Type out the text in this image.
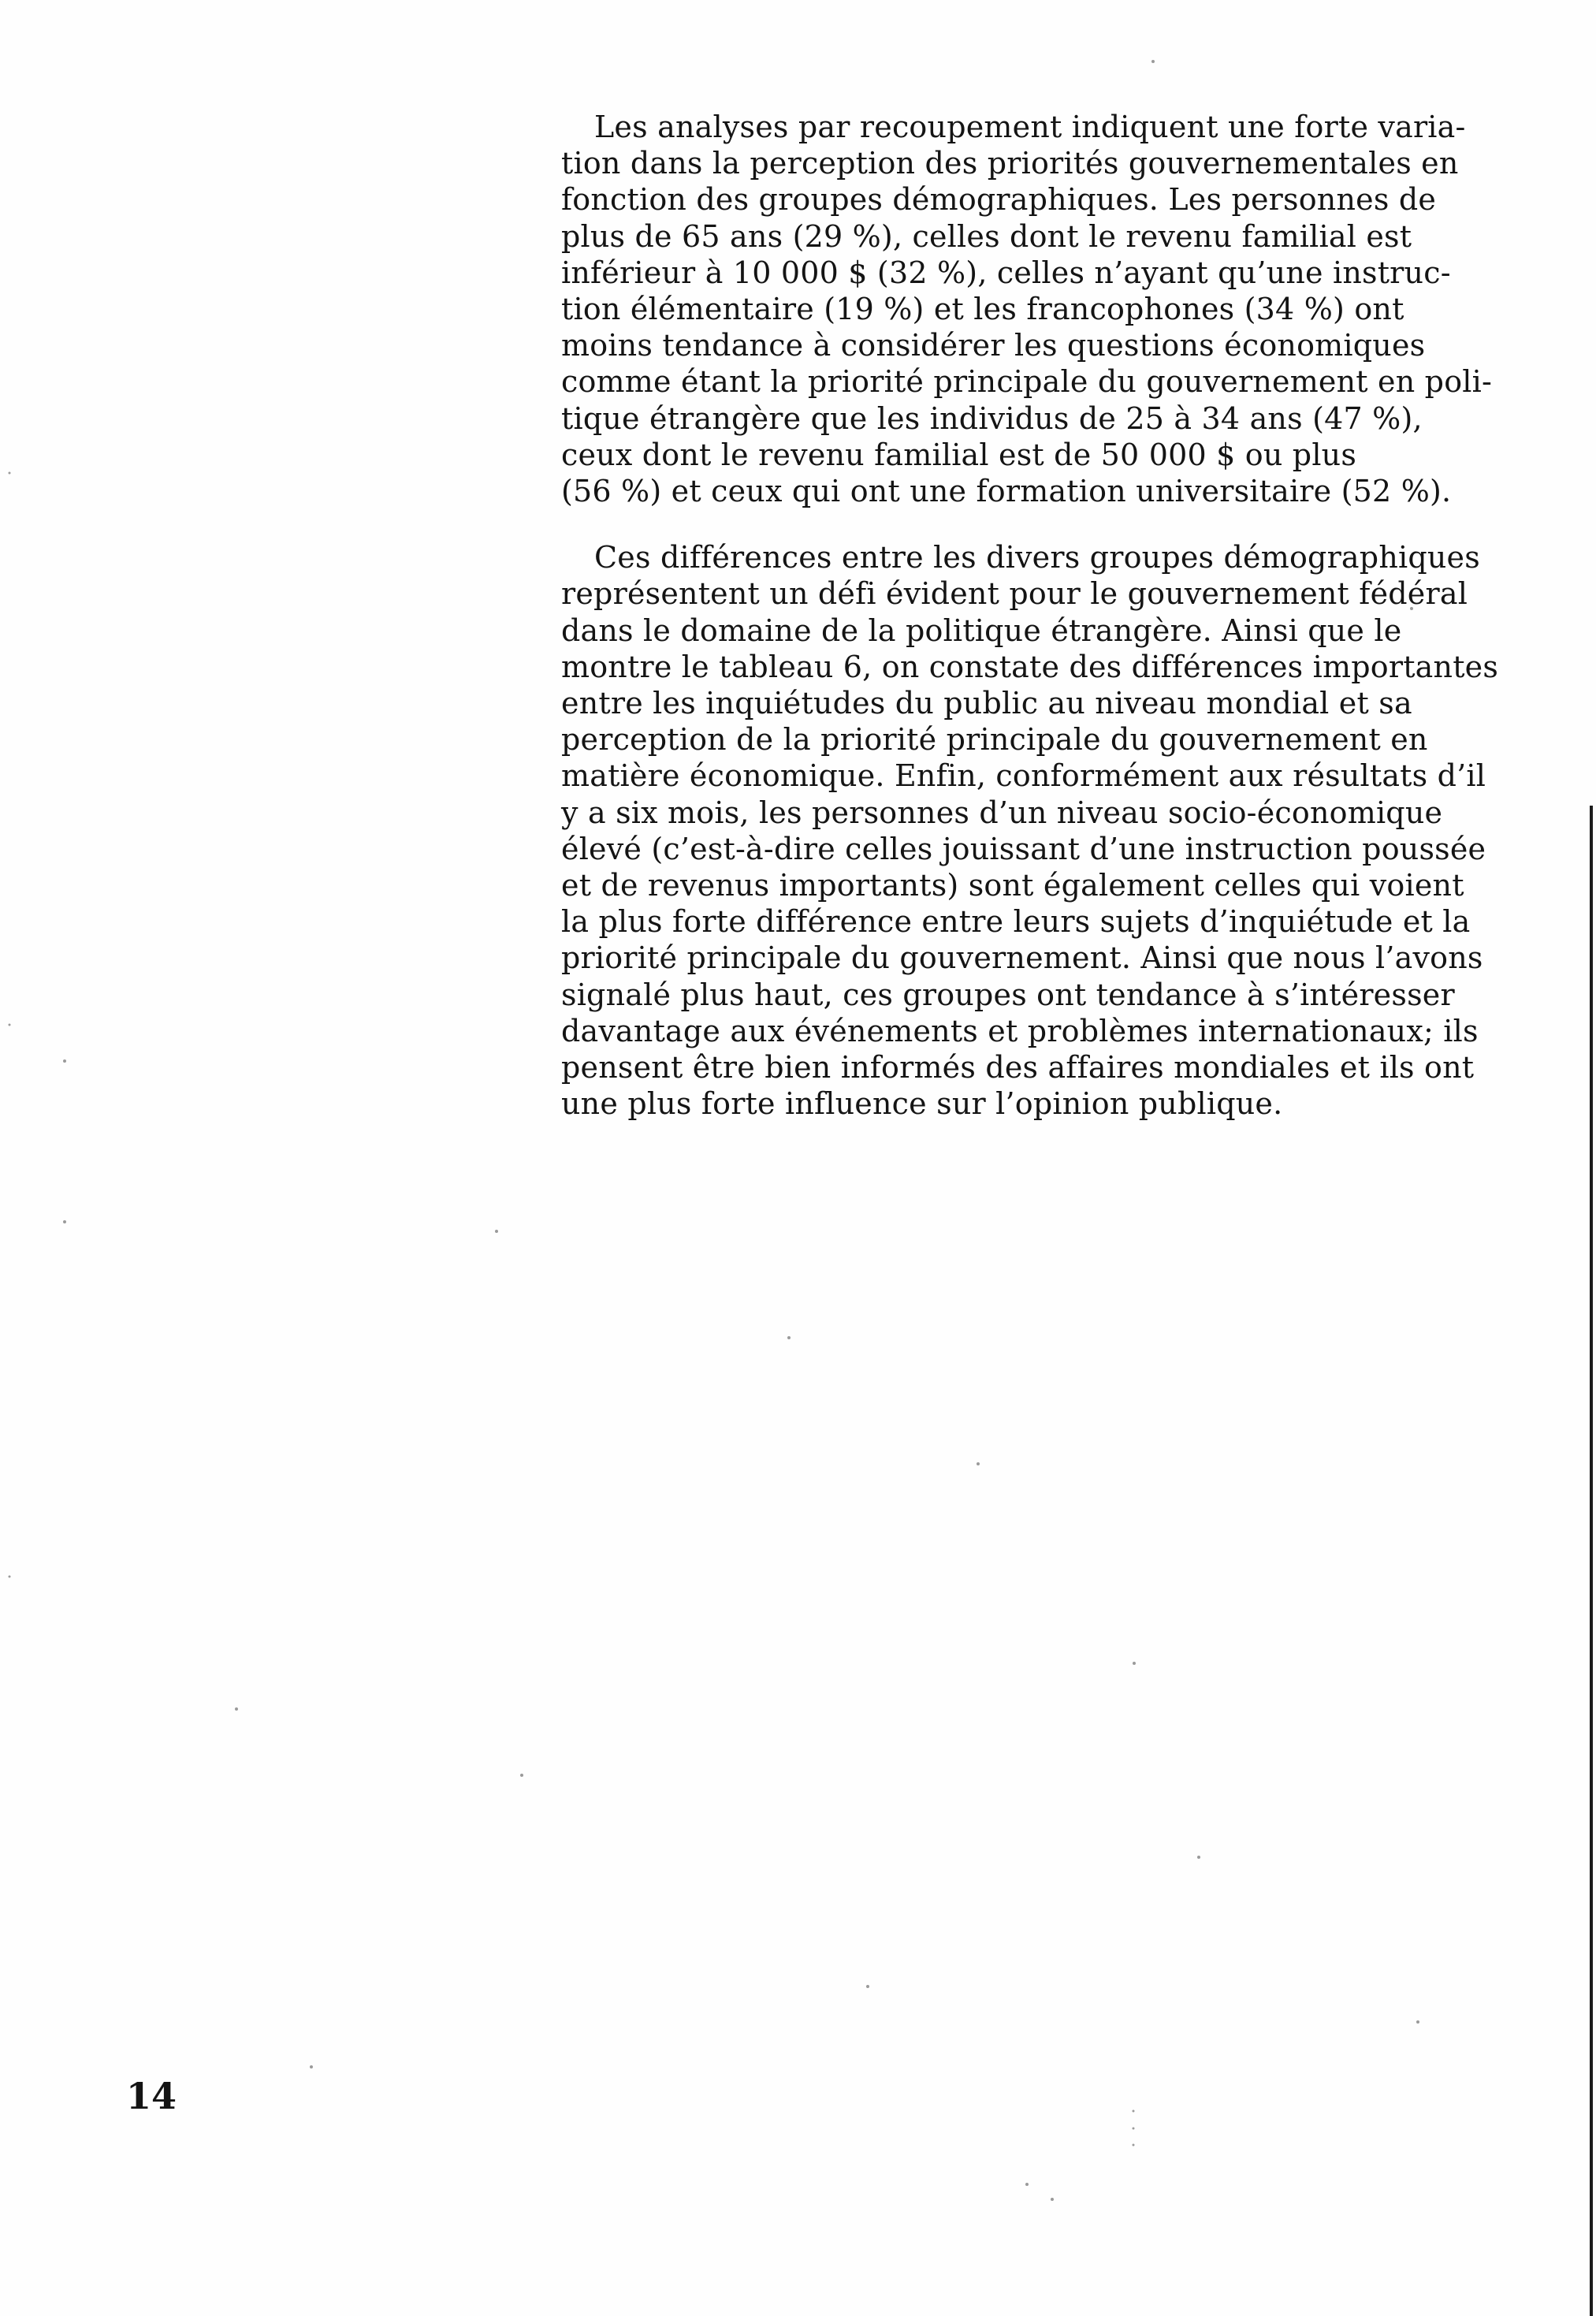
Les analyses par recoupement indiquent une forte varia-
tion dans la perception des priorités gouvernementales en
fonction des groupes démographiques. Les personnes de
plus de 65 ans (29 %), celles dont le revenu familial est
inférieur à 10 000 $ (32 %), celles n’ayant qu’une instruc-
tion élémentaire (19 %) et les francophones (34 %) ont
moins tendance à considérer les questions économiques
comme étant la priorité principale du gouvernement en poli-
tique étrangère que les individus de 25 à 34 ans (47 %),
ceux dont le revenu familial est de 50 000 $ ou plus
(56 %) et ceux qui ont une formation universitaire (52 %).

Ces différences entre les divers groupes démographiques
représentent un défi évident pour le gouvernement fédéral
dans le domaine de la politique étrangère. Ainsi que le
montre le tableau 6, on constate des différences importantes
entre les inquiétudes du public au niveau mondial et sa
perception de la priorité principale du gouvernement en
matière économique. Enfin, conformément aux résultats d’il
y a six mois, les personnes d’un niveau socio-économique
élevé (c’est-à-dire celles jouissant d’une instruction poussée
et de revenus importants) sont également celles qui voient
la plus forte différence entre leurs sujets d’inquiétude et la
priorité principale du gouvernement. Ainsi que nous l’avons
signalé plus haut, ces groupes ont tendance à s’intéresser
davantage aux événements et problèmes internationaux; ils
pensent être bien informés des affaires mondiales et ils ont
une plus forte influence sur l’opinion publique.

14
